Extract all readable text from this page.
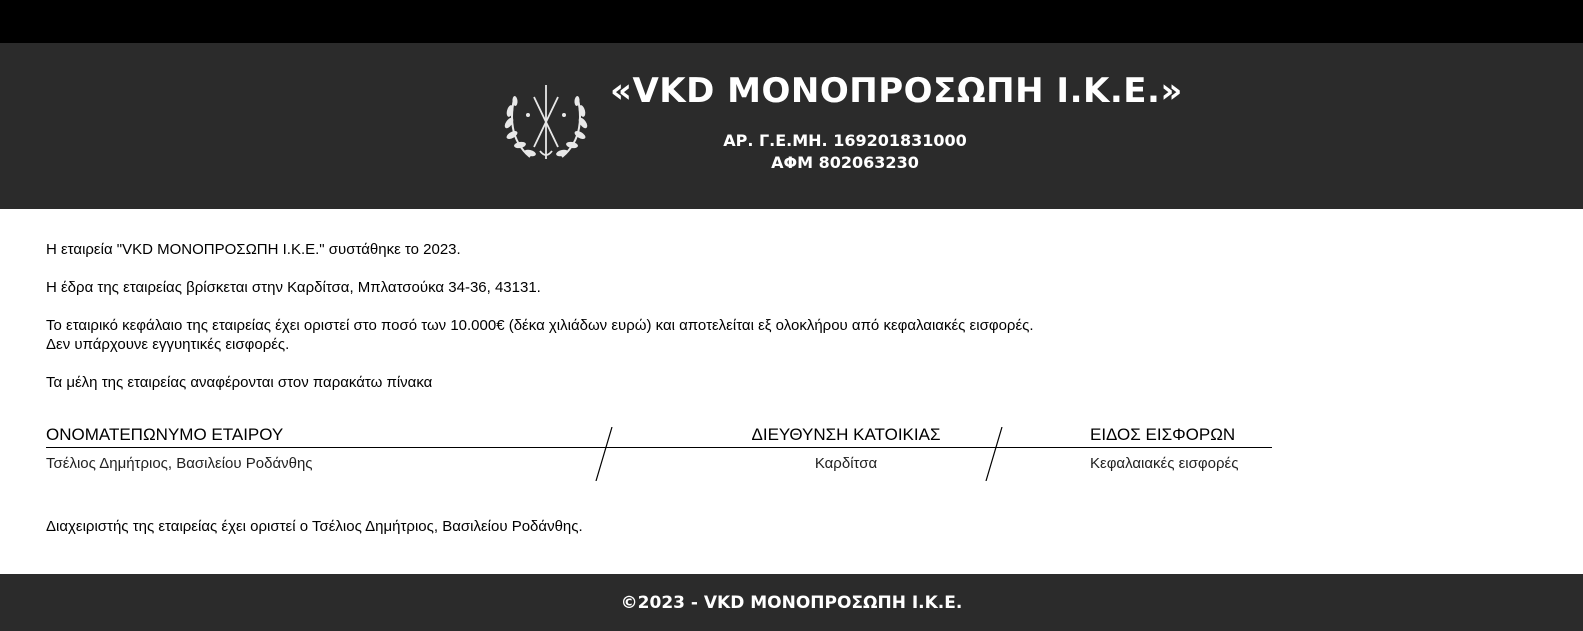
«VKD ΜΟΝΟΠΡΟΣΩΠΗ Ι.Κ.Ε.»
ΑΡ. Γ.Ε.ΜΗ. 169201831000
ΑΦΜ 802063230
Η εταιρεία "VKD ΜΟΝΟΠΡΟΣΩΠΗ Ι.Κ.Ε." συστάθηκε το 2023.
Η έδρα της εταιρείας βρίσκεται στην Καρδίτσα, Μπλατσούκα 34-36, 43131.
Το εταιρικό κεφάλαιο της εταιρείας έχει οριστεί στο ποσό των 10.000€ (δέκα χιλιάδων ευρώ) και αποτελείται εξ ολοκλήρου από κεφαλαιακές εισφορές.
Δεν υπάρχουνε εγγυητικές εισφορές.
Τα μέλη της εταιρείας αναφέρονται στον παρακάτω πίνακα
Διαχειριστής της εταιρείας έχει οριστεί ο Τσέλιος Δημήτριος, Βασιλείου Ροδάνθης.
ΟΝΟΜΑΤΕΠΩΝΥΜΟ ΕΤΑΙΡΟΥ	ΔΙΕΥΘΥΝΣΗ ΚΑΤΟΙΚΙΑΣ	ΕΙΔΟΣ ΕΙΣΦΟΡΩΝ
Τσέλιος Δημήτριος, Βασιλείου Ροδάνθης	Καρδίτσα	Κεφαλαιακές εισφορές
©2023 - VKD ΜΟΝΟΠΡΟΣΩΠΗ Ι.Κ.Ε.
